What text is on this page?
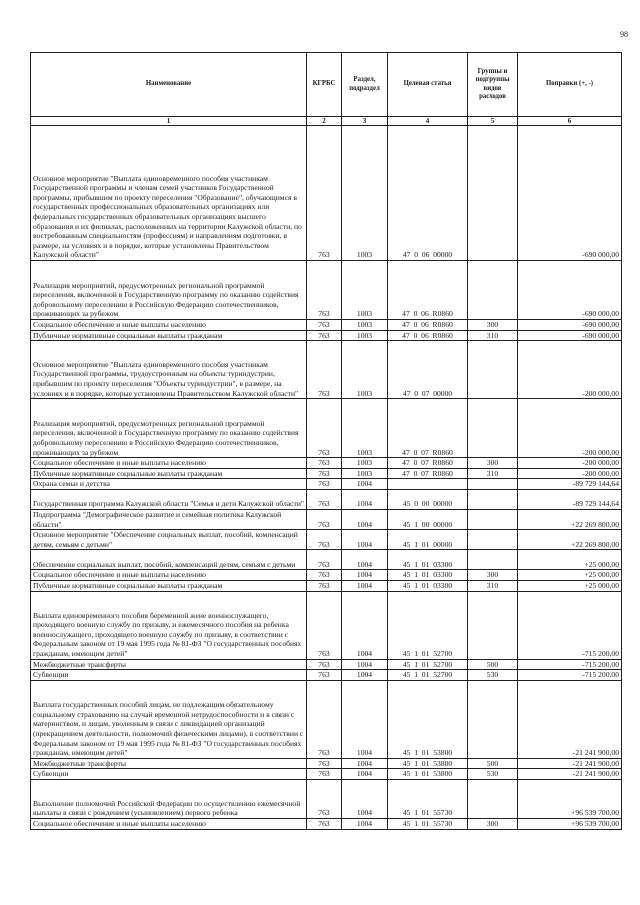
98
Наименование	КГРБС	Раздел, подраздел	Целевая статья	Группы и подгруппы видов расходов	Поправки (+, -)
1	2	3	4	5	6
Основное мероприятие "Выплата единовременного пособия участникам Государственной программы и членам семей участников Государственной программы, прибывшим по проекту переселения "Образование", обучающимся в государственных профессиональных образовательных организациях или федеральных государственных образовательных организациях высшего образования и их филиалах, расположенных на территории Калужской области, по востребованным специальностям (профессиям) и направлениям подготовки, в размере, на условиях и в порядке, которые установлены Правительством Калужской области"	763	1003	47  0  06  00000		-690 000,00
Реализация мероприятий, предусмотренных региональной программой переселения, включенной в Государственную программу по оказанию содействия добровольному переселению в Российскую Федерацию соотечественников, проживающих за рубежом	763	1003	47  0  06  R0860		-690 000,00
Социальное обеспечение и иные выплаты населению	763	1003	47  0  06  R0860	300	-690 000,00
Публичные нормативные социальные выплаты гражданам	763	1003	47  0  06  R0860	310	-690 000,00
Основное мероприятие "Выплата единовременного пособия участникам Государственной программы, трудоустроенным на объекты туриндустрии, прибывшим по проекту переселения "Объекты туриндустрии", в размере, на условиях и в порядке, которые установлены Правительством Калужской области"	763	1003	47  0  07  00000		-200 000,00
Реализация мероприятий, предусмотренных региональной программой переселения, включенной в Государственную программу по оказанию содействия добровольному переселению в Российскую Федерацию соотечественников, проживающих за рубежом	763	1003	47  0  07  R0860		-200 000,00
Социальное обеспечение и иные выплаты населению	763	1003	47  0  07  R0860	300	-200 000,00
Публичные нормативные социальные выплаты гражданам	763	1003	47  0  07  R0860	310	-200 000,00
Охрана семьи и детства	763	1004			-89 729 144,64
Государственная программа Калужской области "Семья и дети Калужской области"	763	1004	45  0  00  00000		-89 729 144,64
Подпрограмма "Демографическое развитие и семейная политика Калужской области"	763	1004	45  1  00  00000		+22 269 800,00
Основное мероприятие "Обеспечение социальных выплат, пособий, компенсаций детям, семьям с детьми"	763	1004	45  1  01  00000		+22 269 800,00
Обеспечение социальных выплат, пособий, компенсаций детям, семьям с детьми	763	1004	45  1  01  03300		+25 000,00
Социальное обеспечение и иные выплаты населению	763	1004	45  1  01  03300	300	+25 000,00
Публичные нормативные социальные выплаты гражданам	763	1004	45  1  01  03300	310	+25 000,00
Выплата единовременного пособия беременной жене военнослужащего, проходящего военную службу по призыву, и ежемесячного пособия на ребенка военнослужащего, проходящего военную службу по призыву, в соответствии с Федеральным законом от 19 мая 1995 года № 81-ФЗ "О государственных пособиях гражданам, имеющим детей"	763	1004	45  1  01  52700		-715 200,00
Межбюджетные трансферты	763	1004	45  1  01  52700	500	-715 200,00
Субвенции	763	1004	45  1  01  52700	530	-715 200,00
Выплата государственных пособий лицам, не подлежащим обязательному социальному страхованию на случай временной нетрудоспособности и в связи с материнством, и лицам, уволенным в связи с ликвидацией организаций (прекращением деятельности, полномочий физическими лицами), в соответствии с Федеральным законом от 19 мая 1995 года № 81-ФЗ "О государственных пособиях гражданам, имеющим детей"	763	1004	45  1  01  53800		-21 241 900,00
Межбюджетные трансферты	763	1004	45  1  01  53800	500	-21 241 900,00
Субвенции	763	1004	45  1  01  53800	530	-21 241 900,00
Выполнение полномочий Российской Федерации по осуществлению ежемесячной выплаты в связи с рождением (усыновлением) первого ребенка	763	1004	45  1  01  55730		+96 539 700,00
Социальное обеспечение и иные выплаты населению	763	1004	45  1  01  55730	300	+96 539 700,00
